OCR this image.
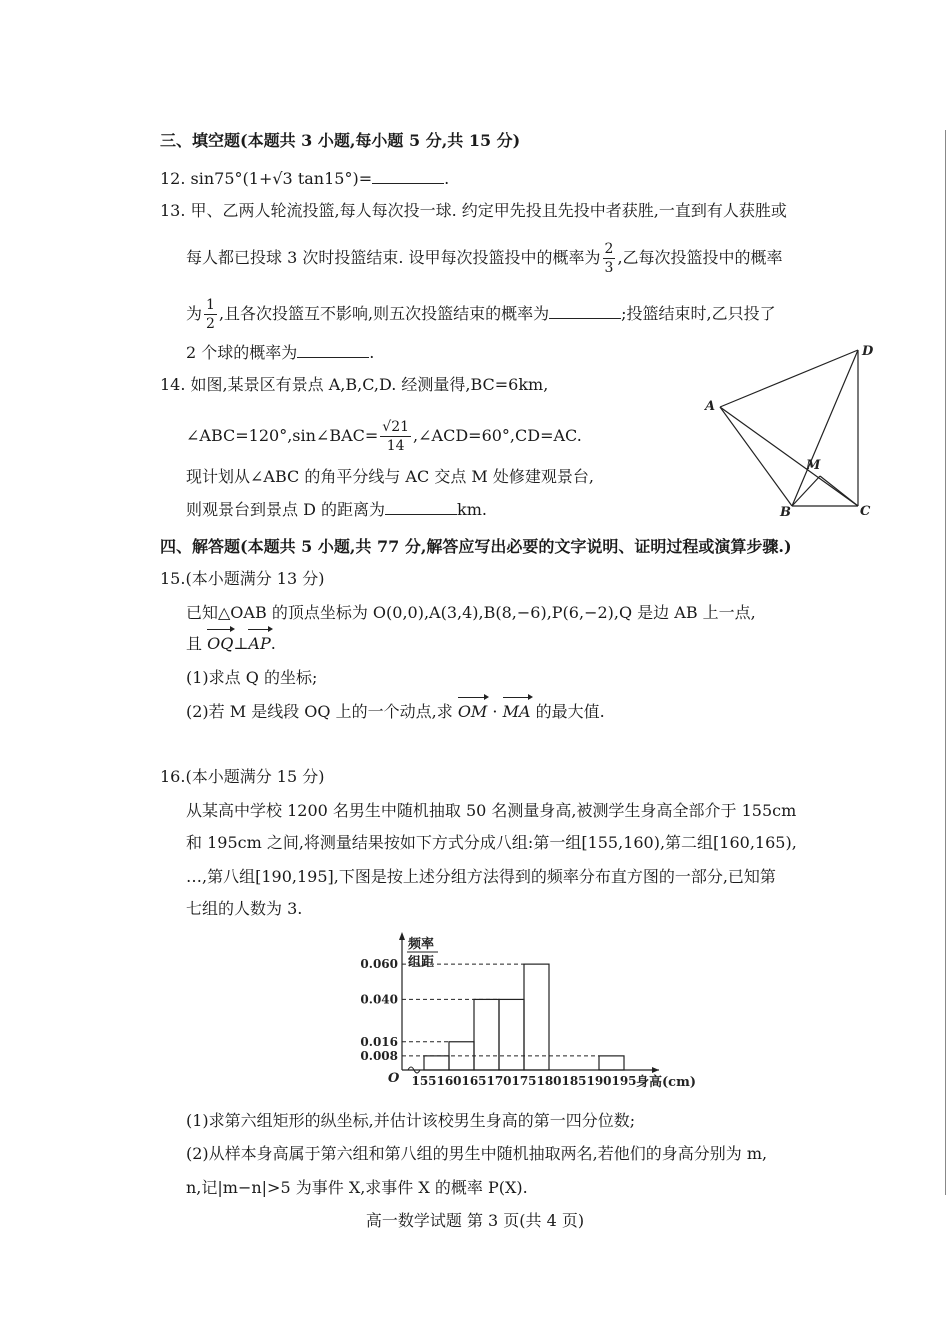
三、填空题(本题共 3 小题,每小题 5 分,共 15 分)
12. sin75°(1+√3 tan15°)=	.
13. 甲、乙两人轮流投篮,每人每次投一球. 约定甲先投且先投中者获胜,一直到有人获胜或
每人都已投球 3 次时投篮结束. 设甲每次投篮投中的概率为 $\frac{2}{3}$ ,乙每次投篮投中的概率
为 $\frac{1}{2}$ ,且各次投篮互不影响,则五次投篮结束的概率为	;投篮结束时,乙只投了
2 个球的概率为	.
14. 如图,某景区有景点 A,B,C,D. 经测量得,BC=6km,
∠ABC=120°,sin∠BAC= $\frac{√21}{14}$ ,∠ACD=60°,CD=AC.
现计划从∠ABC 的角平分线与 AC 交点 M 处修建观景台,
则观景台到景点 D 的距离为	km.
A
B	C
D
M
四、解答题(本题共 5 小题,共 77 分,解答应写出必要的文字说明、证明过程或演算步骤.)
15.(本小题满分 13 分)
已知△OAB 的顶点坐标为 O(0,0),A(3,4),B(8,−6),P(6,−2),Q 是边 AB 上一点,
且 OQ⊥AP.
(1)求点 Q 的坐标;
(2)若 M 是线段 OQ 上的一个动点,求 OM · MA 的最大值.
16.(本小题满分 15 分)
从某高中学校 1200 名男生中随机抽取 50 名测量身高,被测学生身高全部介于 155cm
和 195cm 之间,将测量结果按如下方式分成八组:第一组[155,160),第二组[160,165),
…,第八组[190,195],下图是按上述分组方法得到的频率分布直方图的一部分,已知第
七组的人数为 3.
0.008
0.016
0.040
0.060
155 160 165 170 175 180 185 190 195
O
频率
组距
身高(cm)
(1)求第六组矩形的纵坐标,并估计该校男生身高的第一四分位数;
(2)从样本身高属于第六组和第八组的男生中随机抽取两名,若他们的身高分别为 m,
n,记|m−n|>5 为事件 X,求事件 X 的概率 P(X).
高一数学试题 第 3 页(共 4 页)
